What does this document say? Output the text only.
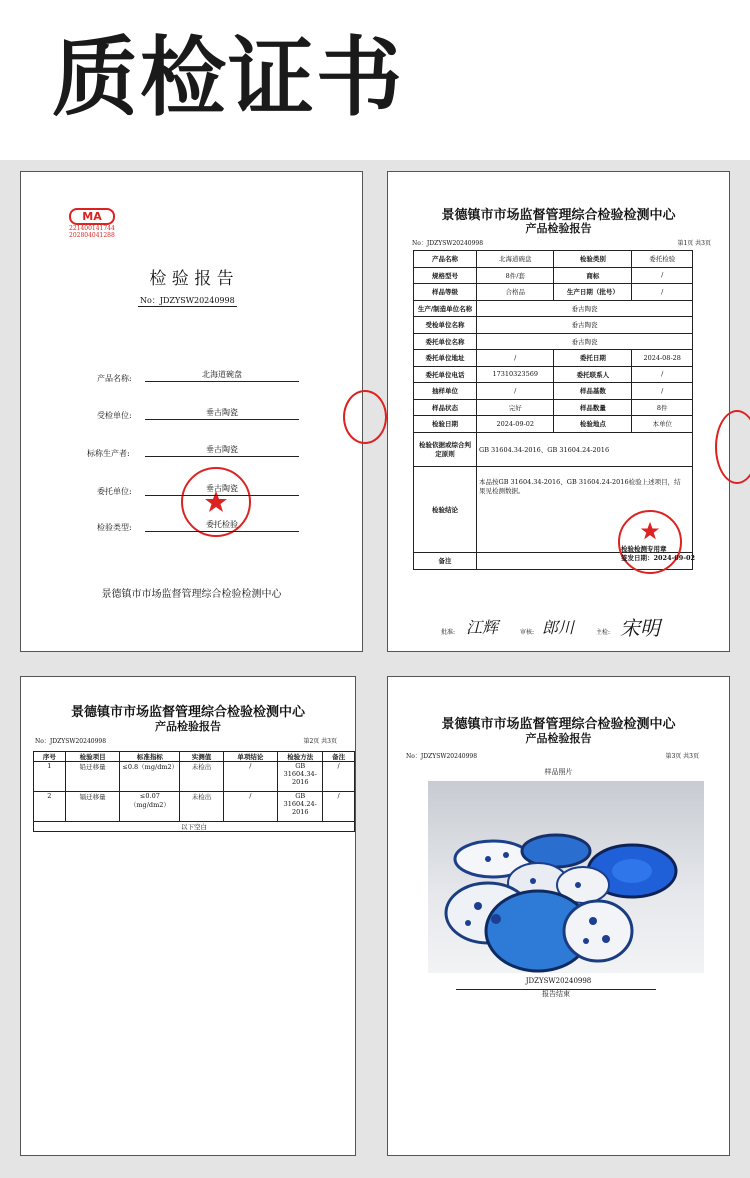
质检证书
MA
221400141744
202804041288
检 验 报 告
No：JDZYSW20240998
产品名称:	北海道碗盘
受检单位:	垂古陶瓷
标称生产者:	垂古陶瓷
委托单位:	垂古陶瓷
检验类型:	委托检验
景德镇市市场监督管理综合检验检测中心
景德镇市市场监督管理综合检验检测中心
产品检验报告
No：JDZYSW20240998	第1页 共3页
产品名称	北海道碗盘	检验类别	委托检验
规格型号	8件/套	商标	/
样品等级	合格品	生产日期（批号）	/
生产/制造单位名称	垂古陶瓷		
受检单位名称	垂古陶瓷		
委托单位名称	垂古陶瓷		
委托单位地址	/	委托日期	2024-08-28
委托单位电话	17310323569	委托联系人	/
抽样单位	/	样品基数	/
样品状态	完好	样品数量	8件
检验日期	2024-09-02	检验地点	本单位
检验依据或综合判定原则	GB 31604.34-2016、GB 31604.24-2016		
检验结论	本品按GB 31604.34-2016、GB 31604.24-2016检验上述项目，结果见检测数据。		
备注			
检验检测专用章
签发日期：2024-09-02
批准: 江辉	审核: 郎川	主检: 宋明
景德镇市市场监督管理综合检验检测中心
产品检验报告
No：JDZYSW20240998	第2页 共3页
序号	检验项目	标准指标	实测值	单项结论	检验方法	备注
1	铅迁移量	≤0.8（mg/dm2）	未检出	/	GB 31604.34-2016	/
2	镉迁移量	≤0.07（mg/dm2）	未检出	/	GB 31604.24-2016	/
以下空白						
景德镇市市场监督管理综合检验检测中心
产品检验报告
No：JDZYSW20240998	第3页 共3页
样品照片
JDZYSW20240998
报告结束
